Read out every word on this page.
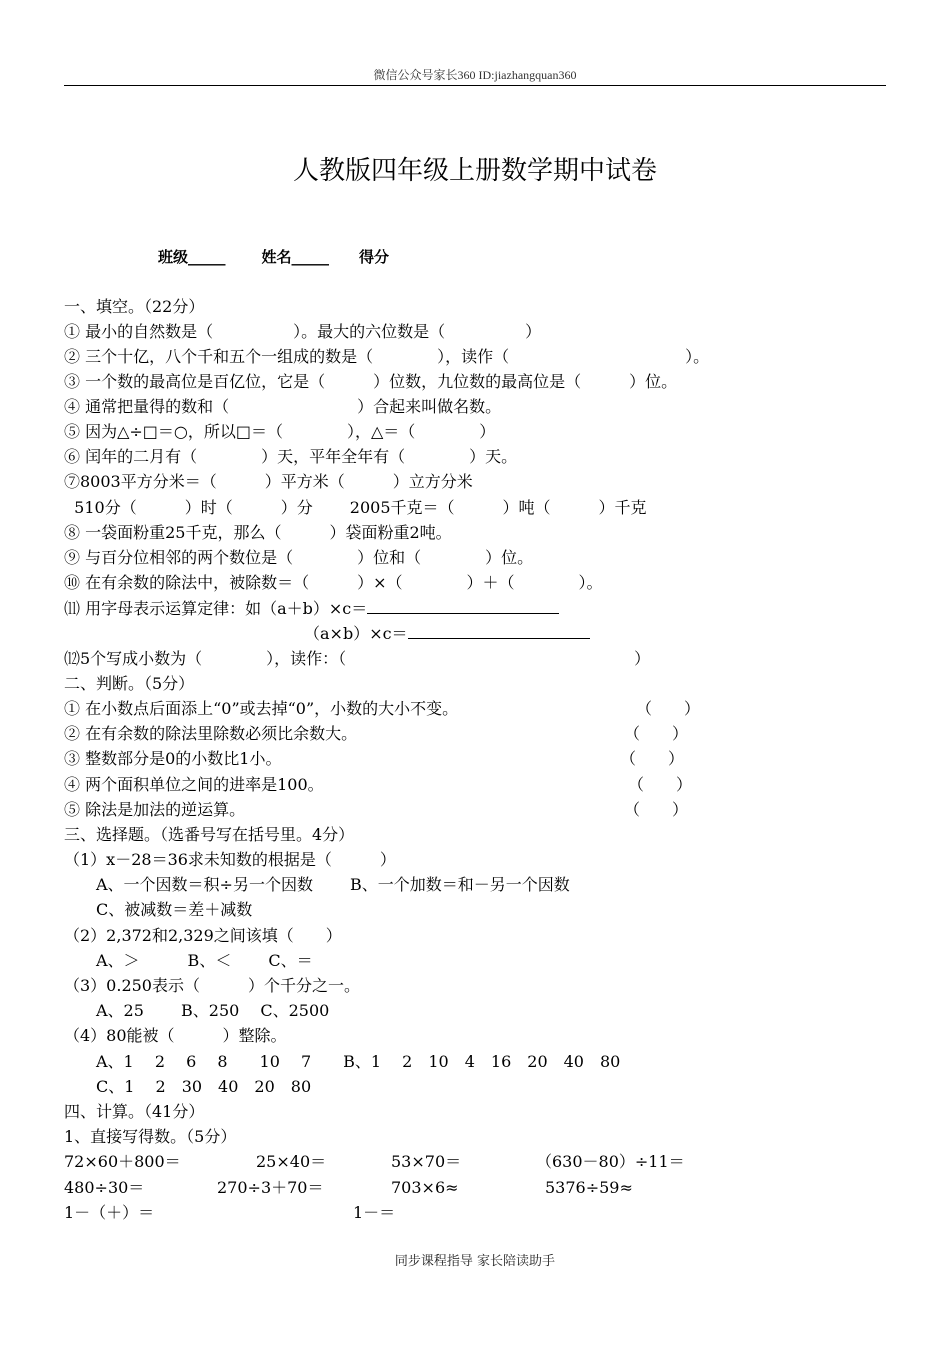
微信公众号家长360 ID:jiazhangquan360
人教版四年级上册数学期中试卷
班级_____ 姓名_____ 得分
一、填空。（22分）
① 最小的自然数是（　　　　　）。最大的六位数是（　　　　　）
② 三个十亿，八个千和五个一组成的数是（　　　　），读作（　　　　　　　　　　　）。
③ 一个数的最高位是百亿位，它是（　　　）位数，九位数的最高位是（　　　）位。
④ 通常把量得的数和（　　　　　　　　）合起来叫做名数。
⑤ 因为△÷□＝○，所以□＝（　　　　），△＝（　　　　）
⑥ 闰年的二月有（　　　　）天，平年全年有（　　　　）天。
⑦8003平方分米＝（　　　）平方米（　　　）立方分米
510分（　　　）时（　　　）分　　 2005千克＝（　　　）吨（　　　）千克
⑧ 一袋面粉重25千克，那么（　　　）袋面粉重2吨。
⑨ 与百分位相邻的两个数位是（　　　　）位和（　　　　）位。
⑩ 在有余数的除法中，被除数＝（　　　）×（　　　　）＋（　　　　）。
⑾ 用字母表示运算定律：如（a＋b）×c＝
（a×b）×c＝
⑿5个写成小数为（　　　　），读作：（　　　　　　　　　　　　　　　　　　）
二、判断。（5分）
① 在小数点后面添上“0”或去掉“0”，小数的大小不变。	（　　）
② 在有余数的除法里除数必须比余数大。	（　　）
③ 整数部分是0的小数比1小。	（　　）
④ 两个面积单位之间的进率是100。	（　　）
⑤ 除法是加法的逆运算。	（　　）
三、选择题。（选番号写在括号里。4分）
（1）x－28＝36求未知数的根据是（　　　）
　　A、一个因数＝积÷另一个因数　　 B、一个加数＝和－另一个因数
　　C、被减数＝差＋减数
（2）2,372和2,329之间该填（　　）
　　A、＞　　　B、＜　　 C、＝
（3）0.250表示（　　　）个千分之一。
　　A、25　　 B、250　 C、2500
（4）80能被（　　　）整除。
　　A、1　 2　 6　 8　　10　 7　　B、1　 2　10　4　16　20　40　80
　　C、1　 2　30　40　20　80
四、计算。（41分）
1、直接写得数。（5分）
72×60＋800＝	25×40＝	53×70＝	（630－80）÷11＝
480÷30＝	270÷3＋70＝	703×6≈	5376÷59≈
1－（＋）＝	1－＝
同步课程指导 家长陪读助手
